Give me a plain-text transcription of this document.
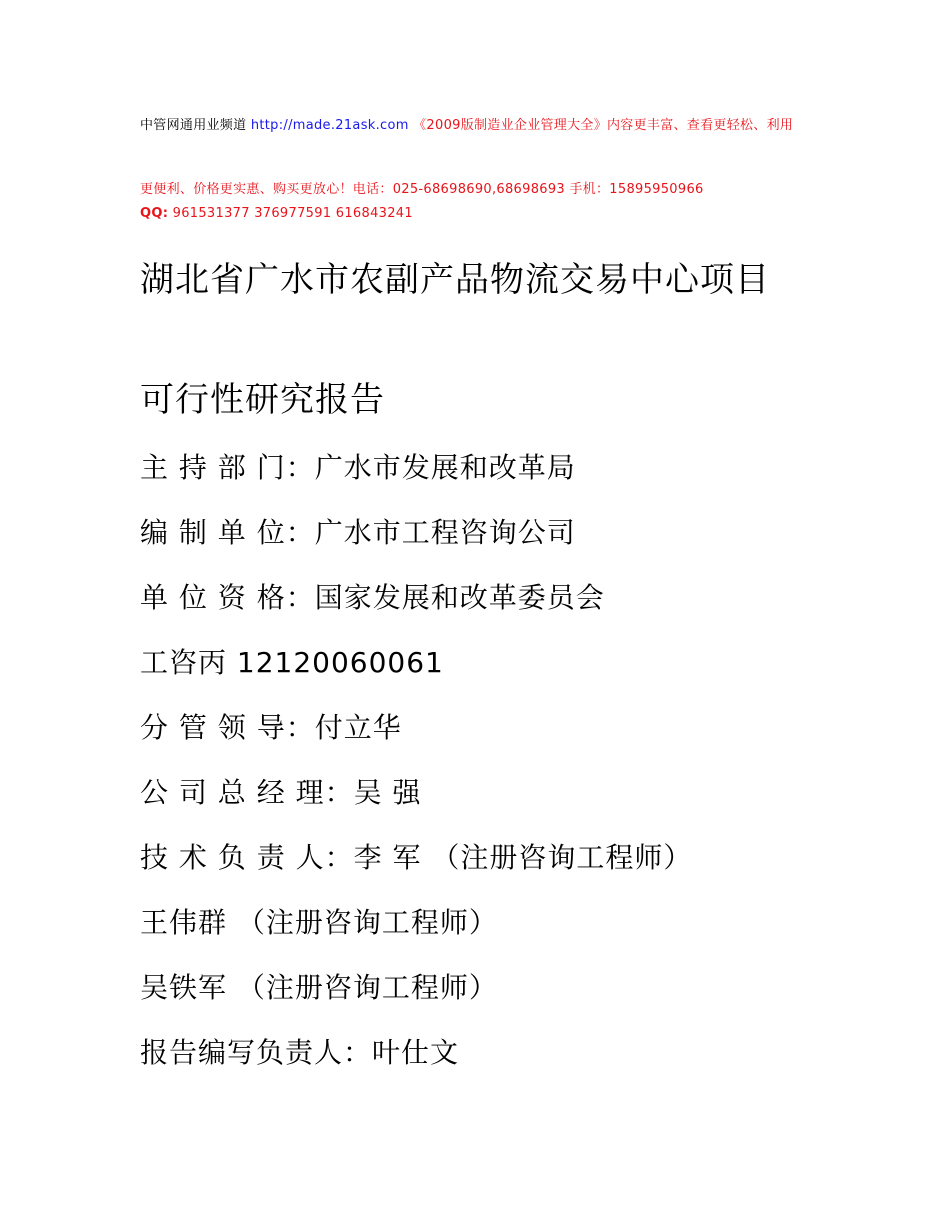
中管网通用业频道 http://made.21ask.com 《2009版制造业企业管理大全》内容更丰富、查看更轻松、利用
更便利、价格更实惠、购买更放心！电话：025-68698690,68698693 手机：15895950966
QQ: 961531377 376977591 616843241
湖北省广水市农副产品物流交易中心项目
可行性研究报告
主 持 部 门：广水市发展和改革局
编 制 单 位：广水市工程咨询公司
单 位 资 格：国家发展和改革委员会
工咨丙 12120060061
分 管 领 导：付立华
公 司 总 经 理：吴 强
技 术 负 责 人：李 军 （注册咨询工程师）
王伟群 （注册咨询工程师）
吴铁军 （注册咨询工程师）
报告编写负责人：叶仕文
